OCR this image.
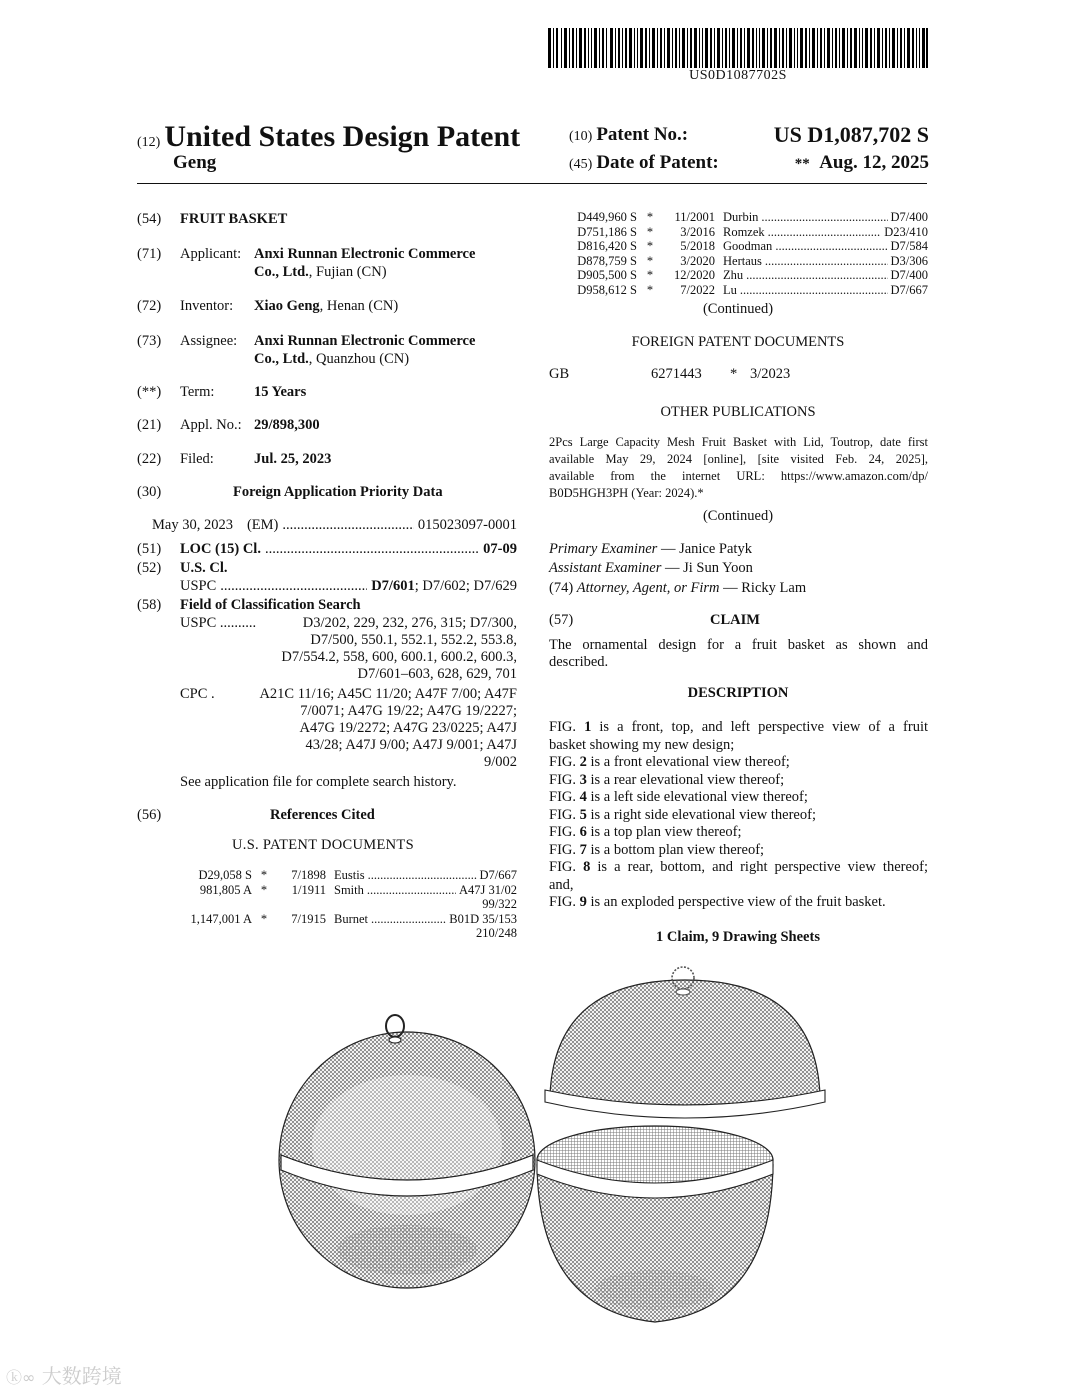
US0D1087702S
(12) United States Design Patent
Geng
(10) Patent No.:	US D1,087,702 S
(45) Date of Patent:	** Aug. 12, 2025
(54) FRUIT BASKET
(71) Applicant: Anxi Runnan Electronic Commerce
Co., Ltd., Fujian (CN)
(72) Inventor: Xiao Geng, Henan (CN)
(73) Assignee: Anxi Runnan Electronic Commerce
Co., Ltd., Quanzhou (CN)
(**) Term:	15 Years
(21) Appl. No.: 29/898,300
(22) Filed:	Jul. 25, 2023
(30)	Foreign Application Priority Data
May 30, 2023 (EM) .....	015023097-0001
(51) LOC (15) Cl. .....	07-09
(52) U.S. Cl.
USPC .....	D7/601 ; D7/602; D7/629
(58) Field of Classification Search
USPC ..........	D3/202, 229, 232, 276, 315; D7/300,
D7/500, 550.1, 552.1, 552.2, 553.8,
D7/554.2, 558, 600, 600.1, 600.2, 600.3,
D7/601–603, 628, 629, 701
CPC .	A21C 11/16; A45C 11/20; A47F 7/00; A47F
7/0071; A47G 19/22; A47G 19/2227;
A47G 19/2272; A47G 23/0225; A47J
43/28; A47J 9/00; A47J 9/001; A47J
9/002
See application file for complete search history.
(56)	References Cited
U.S. PATENT DOCUMENTS
D29,058 S *	7/1898 Eustis .....	D7/667
981,805 A *	1/1911 Smith .....	A47J 31/02
99/322
1,147,001 A *	7/1915 Burnet .....	B01D 35/153
210/248
D449,960 S *	11/2001 Durbin .....	D7/400
D751,186 S *	3/2016 Romzek .....	D23/410
D816,420 S *	5/2018 Goodman .....	D7/584
D878,759 S *	3/2020 Hertaus .....	D3/306
D905,500 S *	12/2020 Zhu .....	D7/400
D958,612 S *	7/2022 Lu .....	D7/667
(Continued)
FOREIGN PATENT DOCUMENTS
GB	6271443 * 3/2023
OTHER PUBLICATIONS
2Pcs Large Capacity Mesh Fruit Basket with Lid, Toutrop, date first
available May 29, 2024 [online], [site visited Feb. 24, 2025],
available from the internet URL: https://www.amazon.com/dp/
B0D5HGH3PH (Year: 2024).*
(Continued)
Primary Examiner — Janice Patyk
Assistant Examiner — Ji Sun Yoon
(74) Attorney, Agent, or Firm — Ricky Lam
(57)	CLAIM
The ornamental design for a fruit basket as shown and
described.
DESCRIPTION
FIG. 1 is a front, top, and left perspective view of a fruit
basket showing my new design;
FIG. 2 is a front elevational view thereof;
FIG. 3 is a rear elevational view thereof;
FIG. 4 is a left side elevational view thereof;
FIG. 5 is a right side elevational view thereof;
FIG. 6 is a top plan view thereof;
FIG. 7 is a bottom plan view thereof;
FIG. 8 is a rear, bottom, and right perspective view thereof;
and,
FIG. 9 is an exploded perspective view of the fruit basket.
1 Claim, 9 Drawing Sheets
ⓚ∞ 大数跨境
